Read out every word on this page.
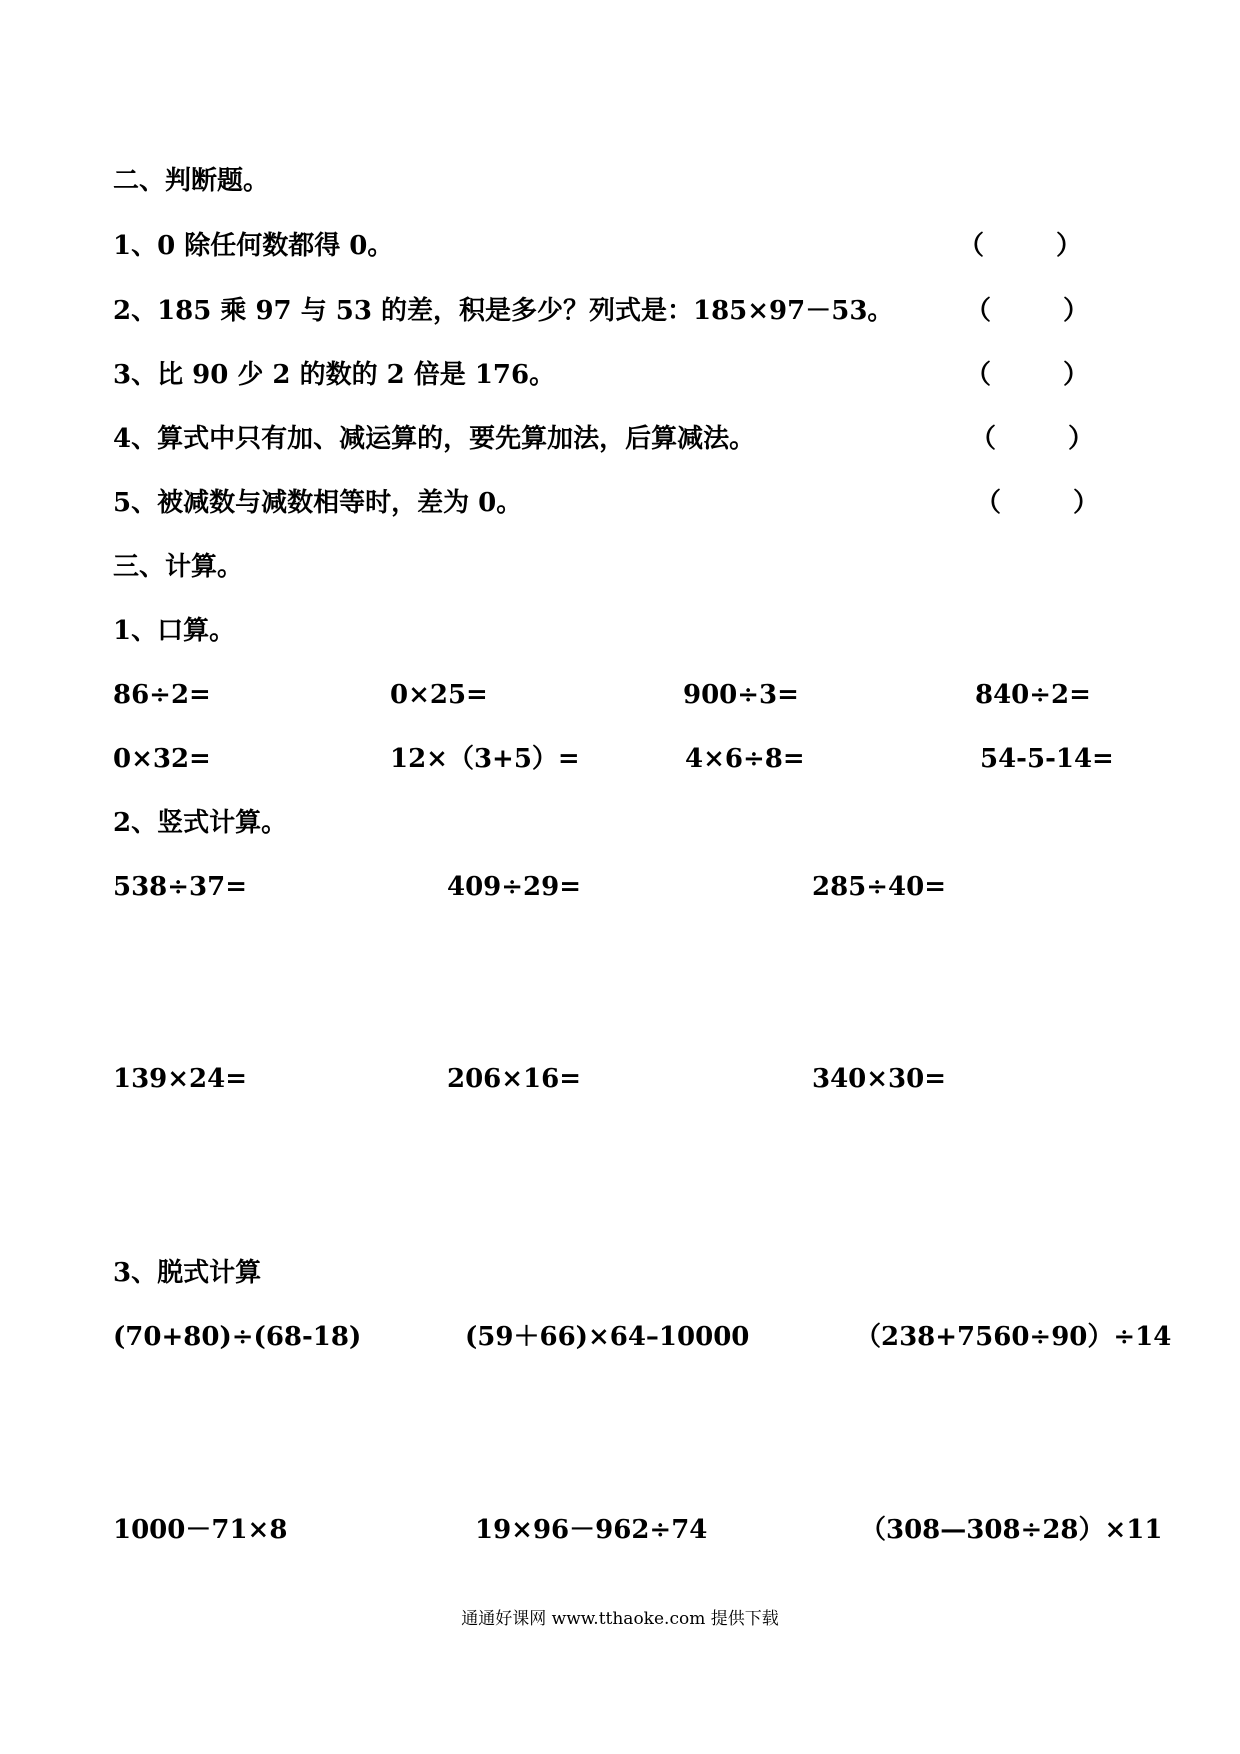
二、判断题。
1、0 除任何数都得 0。	（	）
2、185 乘 97 与 53 的差，积是多少？列式是：185×97－53。	（	）
3、比 90 少 2 的数的 2 倍是 176。	（	）
4、算式中只有加、减运算的，要先算加法，后算减法。	（	）
5、被减数与减数相等时，差为 0。	（	）
三、计算。
1、口算。
86÷2=	0×25=	900÷3=	840÷2=
0×32=	12×（3+5）=	4×6÷8=	54-5-14=
2、竖式计算。
538÷37=	409÷29=	285÷40=
139×24=	206×16=	340×30=
3、脱式计算
(70+80)÷(68-18)	(59＋66)×64–10000	（238+7560÷90）÷14
1000－71×8	19×96－962÷74	（308—308÷28）×11
通通好课网 www.tthaoke.com 提供下载
